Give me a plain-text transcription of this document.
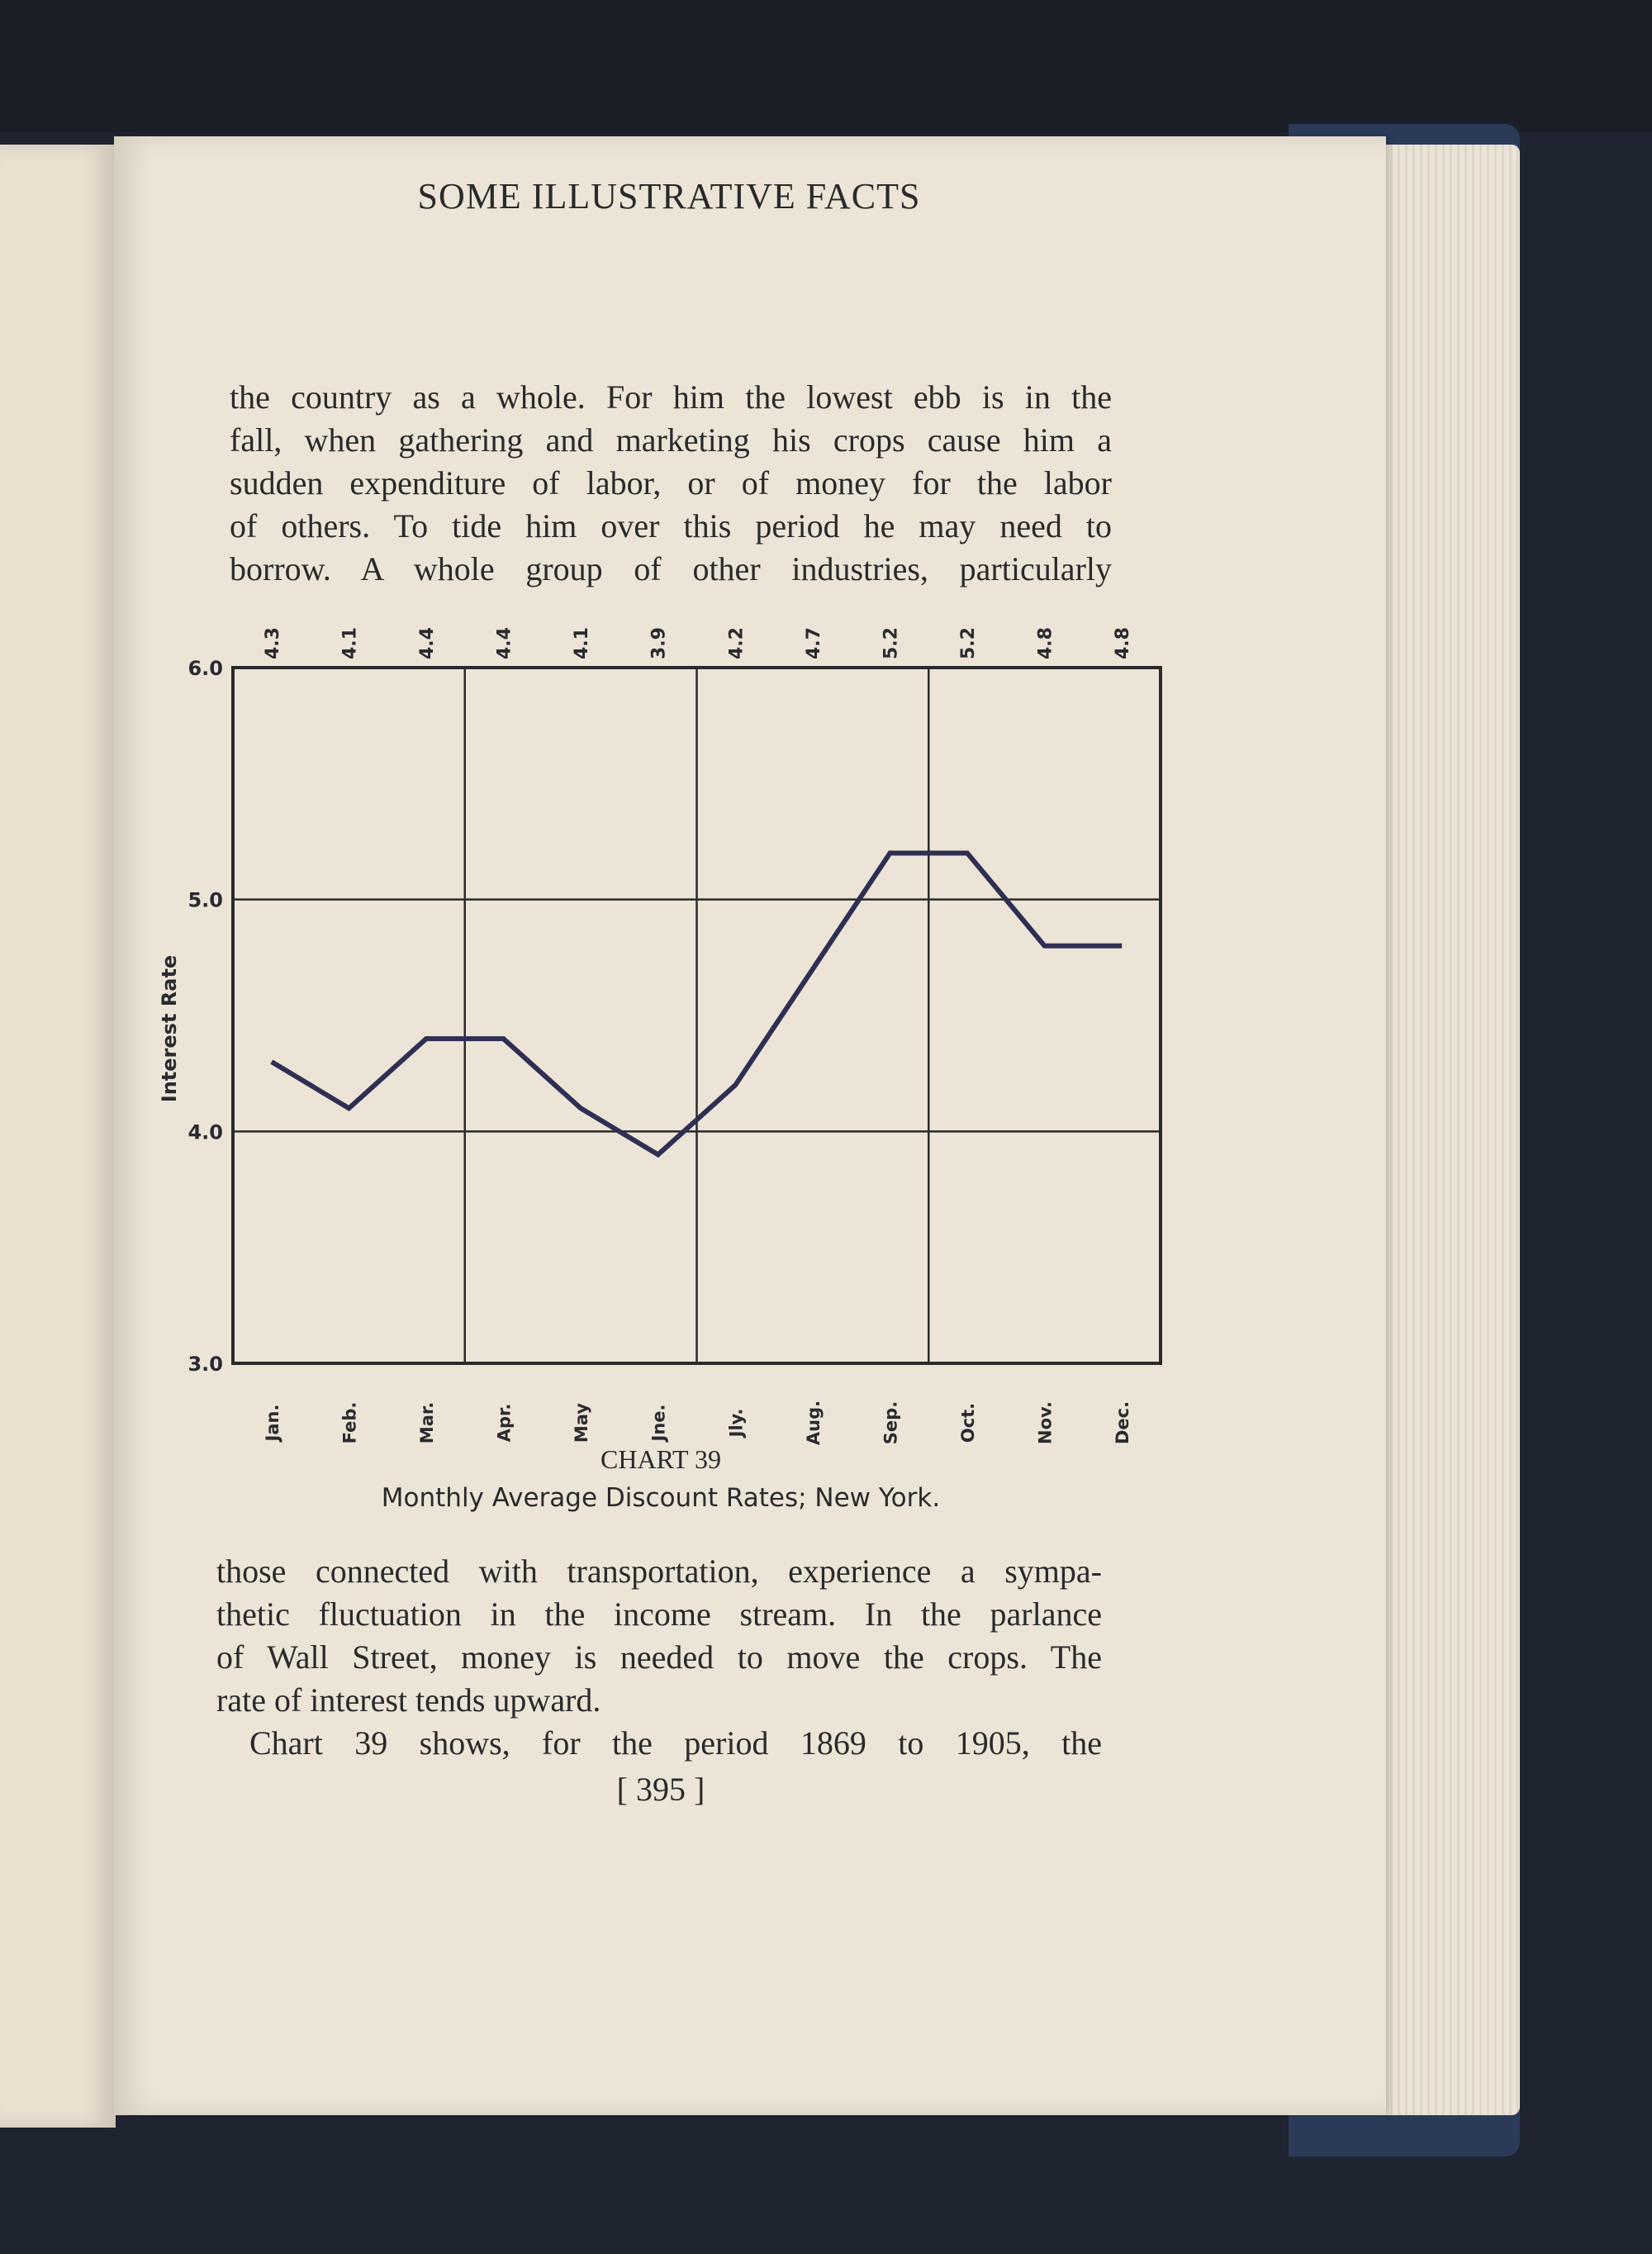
SOME ILLUSTRATIVE FACTS
the country as a whole. For him the lowest ebb is in the
fall, when gathering and marketing his crops cause him a
sudden expenditure of labor, or of money for the labor
of others. To tide him over this period he may need to
borrow. A whole group of other industries, particularly
3.0
4.0
5.0
6.0
4.3	4.1	4.4	4.4	4.1	3.9	4.2	4.7	5.2	5.2	4.8	4.8
Jan.	Feb.	Mar.	Apr.	May	Jne.	Jly.	Aug.	Sep.	Oct.	Nov.	Dec.
Interest Rate
CHART 39
Monthly Average Discount Rates; New York.
those connected with transportation, experience a sympa-
thetic fluctuation in the income stream. In the parlance
of Wall Street, money is needed to move the crops. The
rate of interest tends upward.
Chart 39 shows, for the period 1869 to 1905, the
[ 395 ]
